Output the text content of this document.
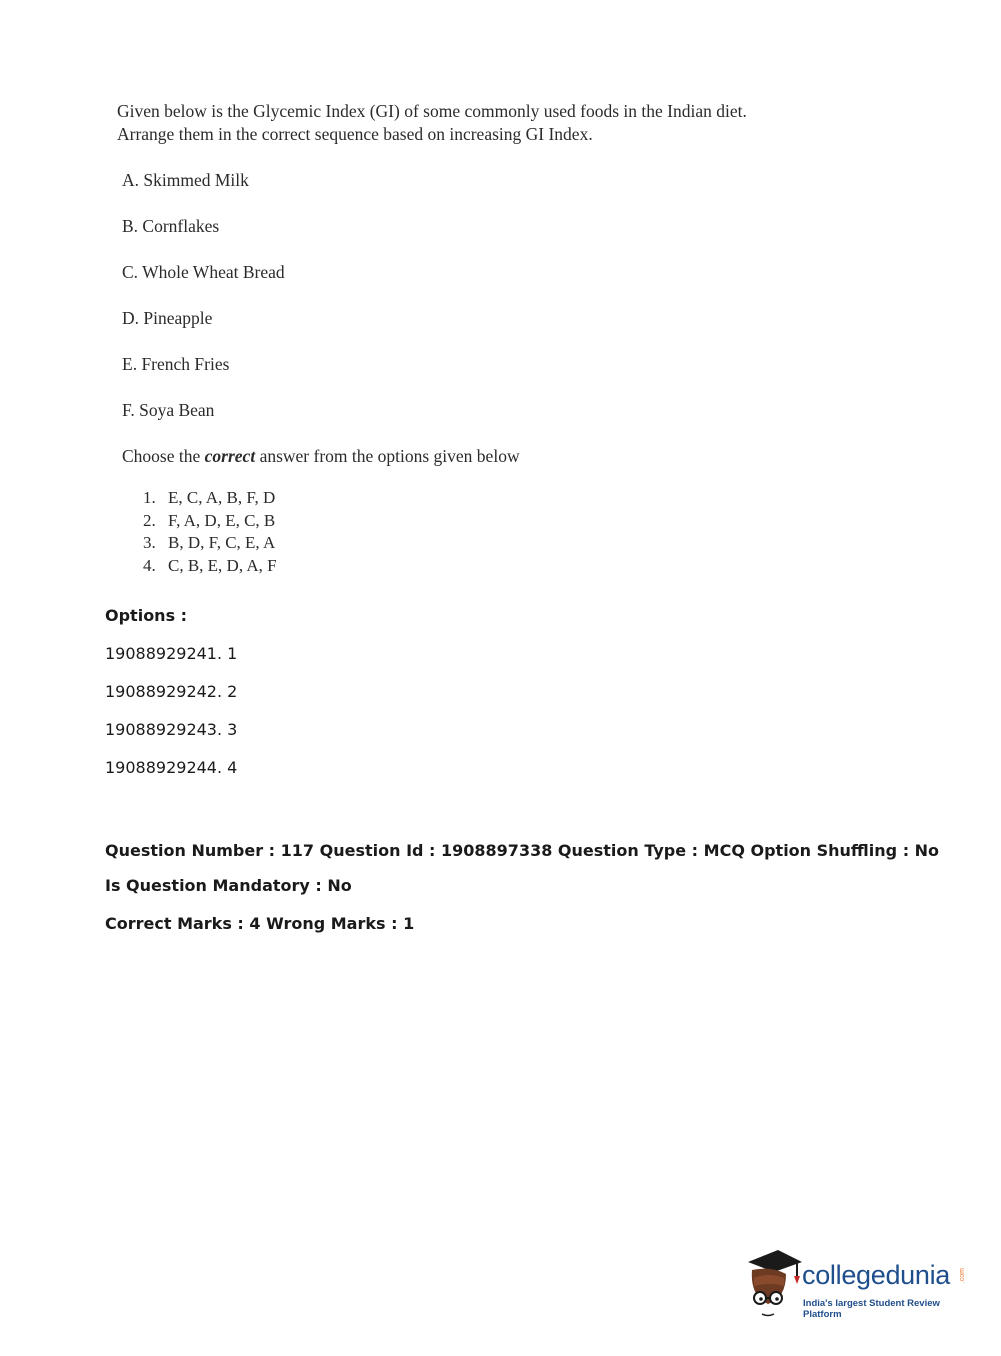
Given below is the Glycemic Index (GI) of some commonly used foods in the Indian diet.

Arrange them in the correct sequence based on increasing GI Index.

A. Skimmed Milk
B. Cornflakes
C. Whole Wheat Bread
D. Pineapple
E. French Fries
F. Soya Bean
Choose the correct answer from the options given below
1. E, C, A, B, F, D
2. F, A, D, E, C, B
3. B, D, F, C, E, A
4. C, B, E, D, A, F
Options :
19088929241. 1
19088929242. 2
19088929243. 3
19088929244. 4
Question Number : 117 Question Id : 1908897338 Question Type : MCQ Option Shuffling : No
Is Question Mandatory : No
Correct Marks : 4 Wrong Marks : 1
collegedunia
India's largest Student Review Platform
.com
